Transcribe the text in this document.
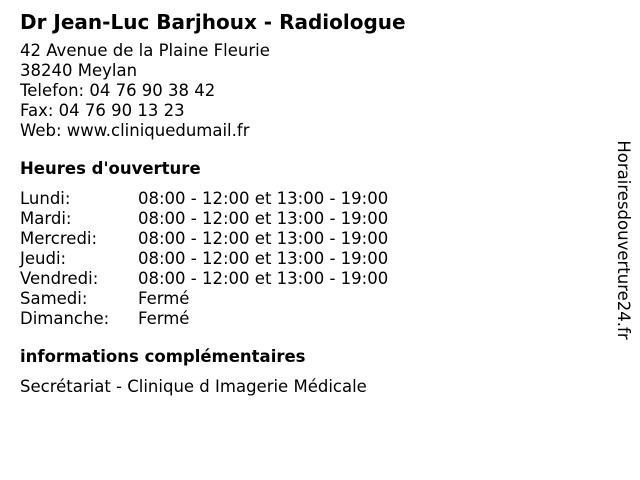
Dr Jean-Luc Barjhoux - Radiologue
42 Avenue de la Plaine Fleurie
38240 Meylan
Telefon: 04 76 90 38 42
Fax: 04 76 90 13 23
Web: www.cliniquedumail.fr
Heures d'ouverture
Lundi:	08:00 - 12:00 et 13:00 - 19:00
Mardi:	08:00 - 12:00 et 13:00 - 19:00
Mercredi:	08:00 - 12:00 et 13:00 - 19:00
Jeudi:	08:00 - 12:00 et 13:00 - 19:00
Vendredi:	08:00 - 12:00 et 13:00 - 19:00
Samedi:	Fermé
Dimanche:	Fermé
informations complémentaires
Secrétariat - Clinique d Imagerie Médicale
Horairesdouverture24.fr
